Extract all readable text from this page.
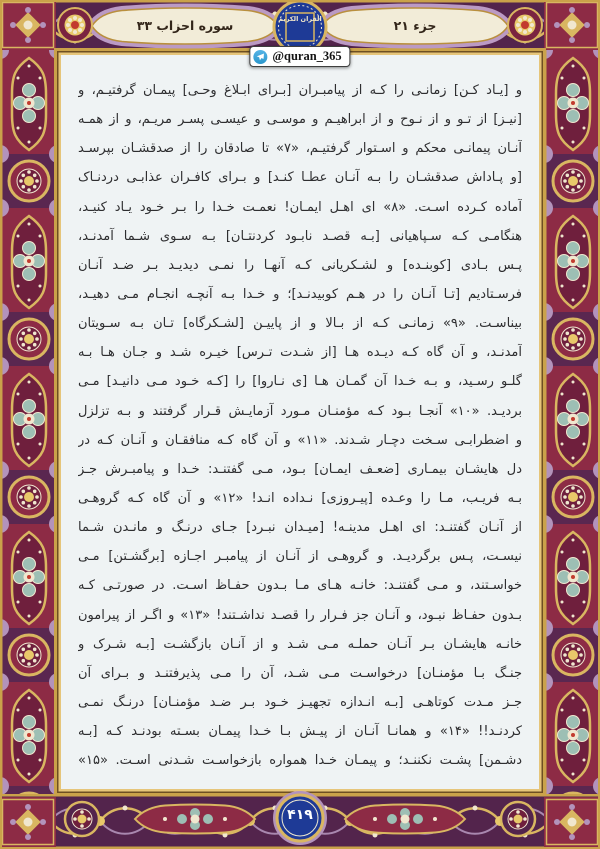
سوره احزاب ۳۳	جزء ۲۱
القرآن الکریم
@quran_365
و [یـاد کـن] زمانـی را کـه از پیامبـران [بـرای ابـلاغ وحـی] پیمـان گرفتیـم، و
[نیـز] از تـو و از نـوح و از ابراهیـم و موسـی و عیسـی پسـر مریـم، و از همـه
آنـان پیمانـی محکم و اسـتوار گرفتیـم، «۷» تا صادقان را از صدقشـان بپرسـد
[و پـاداش صدقشـان را بـه آنـان عطـا کنـد] و بـرای کافـران عذابـی دردنـاک
آماده کـرده اسـت. «۸» ای اهـل ایمـان! نعمـت خـدا را بـر خـود یـاد کنیـد،
هنگامـی کـه سـپاهیانی [بـه قصـد نابـود کردنتـان] بـه سـوی شـما آمدنـد،
پـس بـادی [کوبنـده] و لشـکریانی کـه آنهـا را نمـی دیدیـد بـر ضـد آنـان
فرسـتادیم [تـا آنـان را در هـم کوبیدنـد]؛ و خـدا بـه آنچـه انجـام مـی دهیـد،
بیناسـت. «۹» زمانـی کـه از بـالا و از پاییـن [لشـکرگاه] تـان بـه سـویتان
آمدنـد، و آن گاه کـه دیـده هـا [از شـدت تـرس] خیـره شـد و جـان هـا بـه
گلـو رسـید، و بـه خـدا آن گمـان هـا [ی نـاروا] را [کـه خـود مـی دانیـد] مـی
بردیـد. «۱۰» آنجـا بـود کـه مؤمنـان مـورد آزمایـش قـرار گرفتند و بـه تزلزل
و اضطرابـی سـخت دچـار شـدند. «۱۱» و آن گاه کـه منافقـان و آنـان کـه در
دل هایشـان بیمـاری [ضعـف ایمـان] بـود، مـی گفتنـد: خـدا و پیامبـرش جـز
بـه فریـب، مـا را وعـده [پیـروزی] نـداده انـد! «۱۲» و آن گاه کـه گروهـی
از آنـان گفتنـد: ای اهـل مدینـه! [میـدان نبـرد] جـای درنـگ و مانـدن شـما
نیسـت، پـس برگردیـد. و گروهـی از آنـان از پیامبـر اجـازه [برگشـتن] مـی
خواسـتند، و مـی گفتنـد: خانـه هـای مـا بـدون حفـاظ اسـت. در صورتـی کـه
بـدون حفـاظ نبـود، و آنـان جز فـرار را قصـد نداشـتند! «۱۳» و اگـر از پیرامون
خانـه هایشـان بـر آنـان حملـه مـی شـد و از آنـان بازگشـت [بـه شـرک و
جنـگ بـا مؤمنـان] درخواسـت مـی شـد، آن را مـی پذیرفتنـد و بـرای آن
جـز مـدت کوتاهـی [بـه انـدازه تجهیـز خـود بـر ضـد مؤمنـان] درنـگ نمـی
کردنـد!! «۱۴» و همانـا آنـان از پیـش بـا خـدا پیمـان بسـته بودنـد کـه [بـه
دشـمن] پشـت نکننـد؛ و پیمـان خـدا همواره بازخواسـت شـدنی اسـت. «۱۵»
۴۱۹
